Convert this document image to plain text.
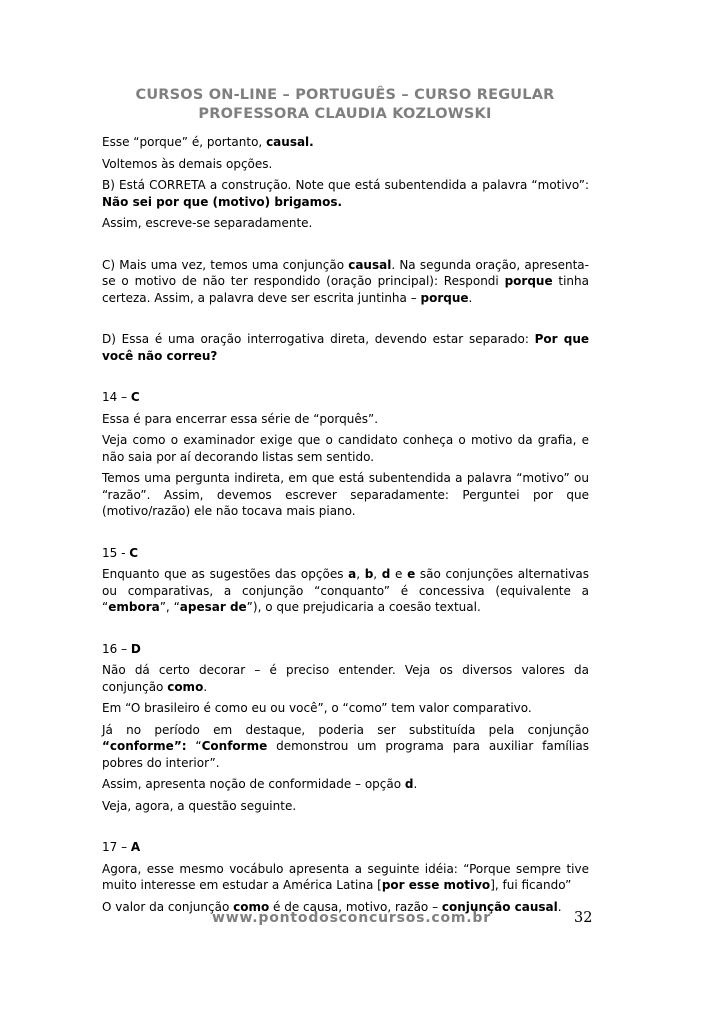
CURSOS ON-LINE – PORTUGUÊS – CURSO REGULAR
PROFESSORA CLAUDIA KOZLOWSKI

Esse “porque” é, portanto, causal.

Voltemos às demais opções.

B) Está CORRETA a construção. Note que está subentendida a palavra “motivo”: Não sei por que (motivo) brigamos.

Assim, escreve-se separadamente.

C) Mais uma vez, temos uma conjunção causal. Na segunda oração, apresenta-se o motivo de não ter respondido (oração principal): Respondi porque tinha certeza. Assim, a palavra deve ser escrita juntinha – porque.

D) Essa é uma oração interrogativa direta, devendo estar separado: Por que você não correu?

14 – C

Essa é para encerrar essa série de “porquês”.

Veja como o examinador exige que o candidato conheça o motivo da grafia, e não saia por aí decorando listas sem sentido.

Temos uma pergunta indireta, em que está subentendida a palavra “motivo” ou “razão”. Assim, devemos escrever separadamente: Perguntei por que (motivo/razão) ele não tocava mais piano.

15 - C

Enquanto que as sugestões das opções a, b, d e e são conjunções alternativas ou comparativas, a conjunção “conquanto” é concessiva (equivalente a “embora”, “apesar de”), o que prejudicaria a coesão textual.

16 – D

Não dá certo decorar – é preciso entender. Veja os diversos valores da conjunção como.

Em “O brasileiro é como eu ou você”, o “como” tem valor comparativo.

Já no período em destaque, poderia ser substituída pela conjunção “conforme”: “Conforme demonstrou um programa para auxiliar famílias pobres do interior”.

Assim, apresenta noção de conformidade – opção d.

Veja, agora, a questão seguinte.

17 – A

Agora, esse mesmo vocábulo apresenta a seguinte idéia: “Porque sempre tive muito interesse em estudar a América Latina [por esse motivo], fui ficando”

O valor da conjunção como é de causa, motivo, razão – conjunção causal.

www.pontodosconcursos.com.br	32
